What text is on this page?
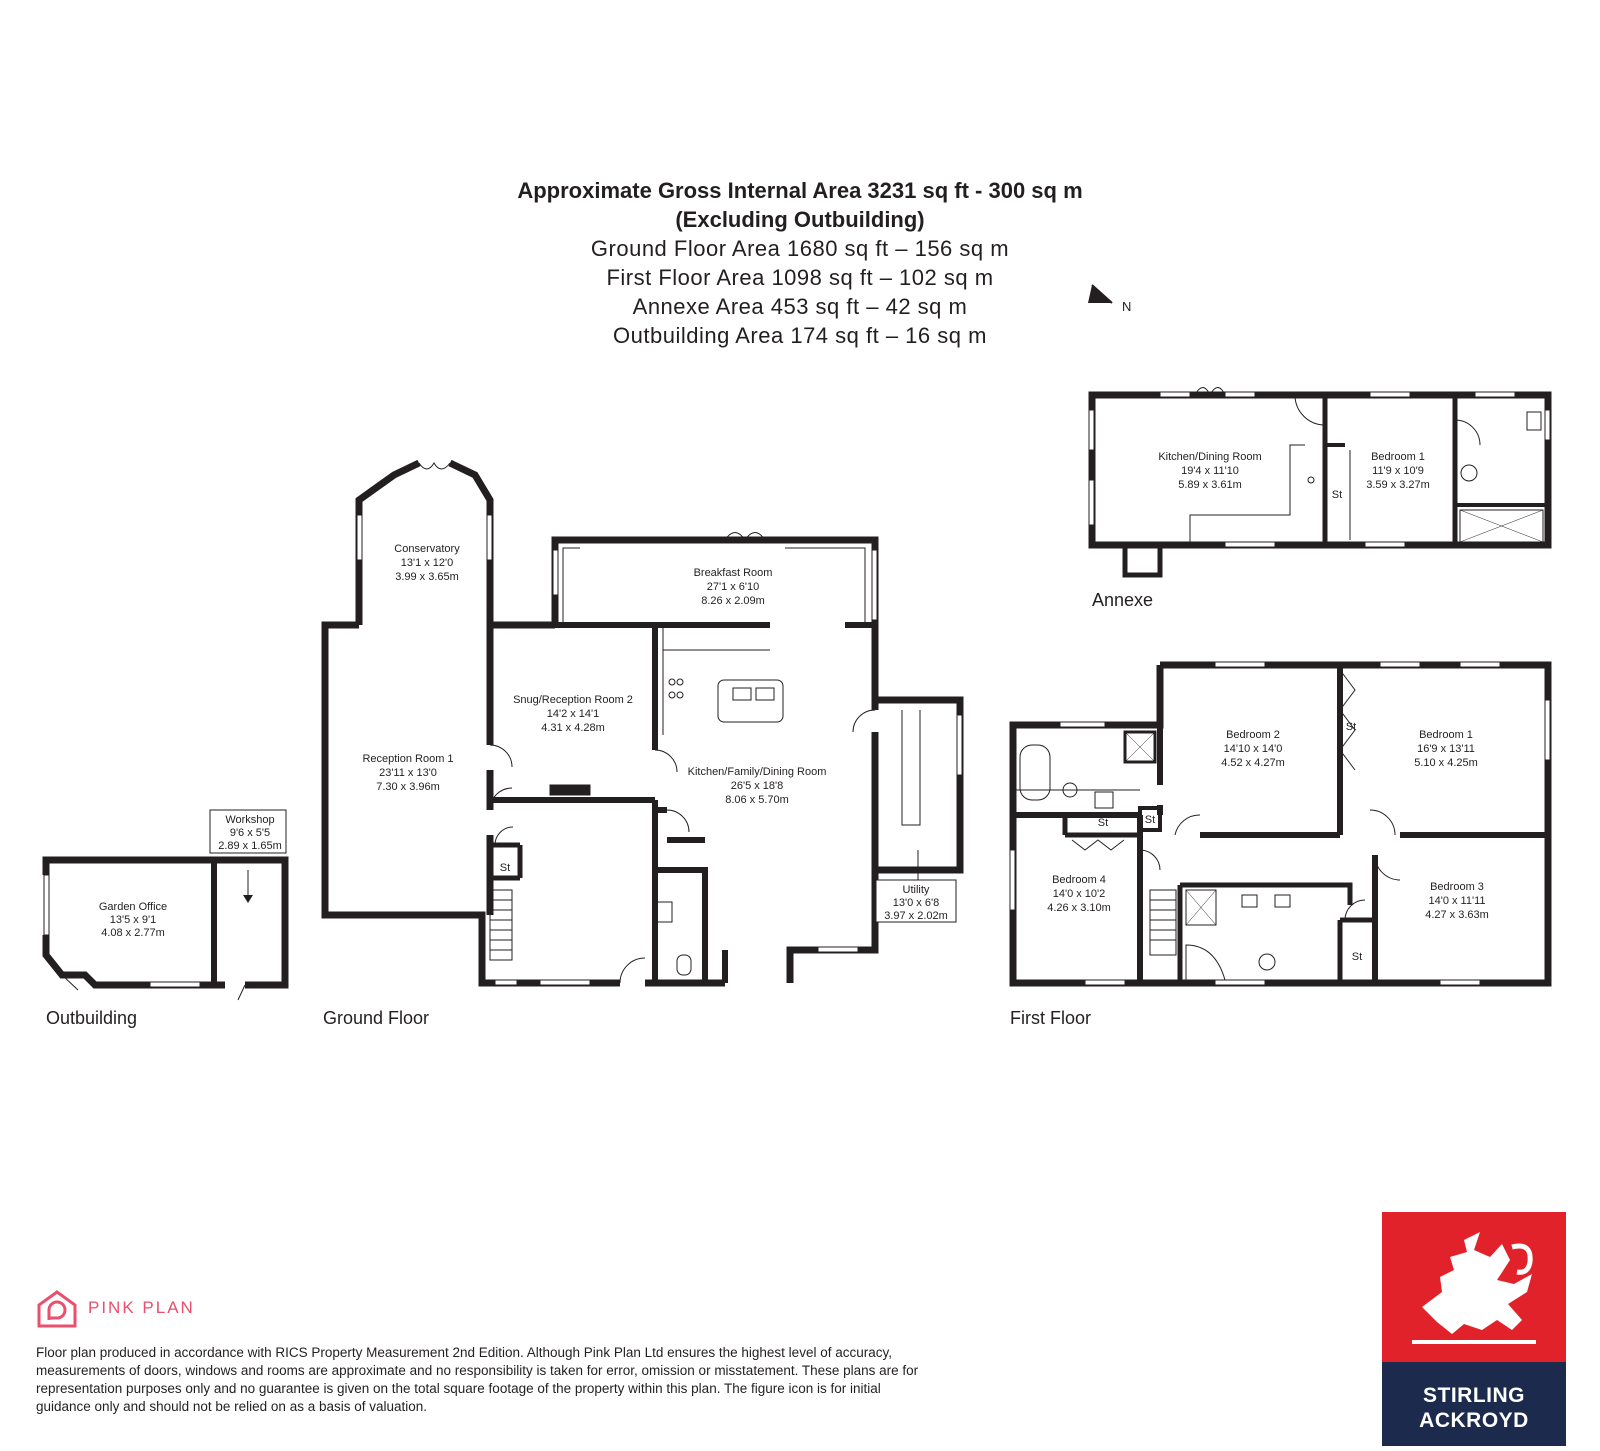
Approximate Gross Internal Area 3231 sq ft - 300 sq m
(Excluding Outbuilding)
Ground Floor Area 1680 sq ft – 156 sq m
First Floor Area 1098 sq ft – 102 sq m
Annexe Area 453 sq ft – 42 sq m
Outbuilding Area 174 sq ft – 16 sq m
N
Workshop
9'6 x 5'5
2.89 x 1.65m
Garden Office
13'5 x 9'1
4.08 x 2.77m
Conservatory
13'1 x 12'0
3.99 x 3.65m
Reception Room 1
23'11 x 13'0
7.30 x 3.96m
Snug/Reception Room 2
14'2 x 14'1
4.31 x 4.28m
Breakfast Room
27'1 x 6'10
8.26 x 2.09m
Kitchen/Family/Dining Room
26'5 x 18'8
8.06 x 5.70m
Utility
13'0 x 6'8
3.97 x 2.02m
St
Kitchen/Dining Room
19'4 x 11'10
5.89 x 3.61m
Bedroom 1
11'9 x 10'9
3.59 x 3.27m
St
Bedroom 2
14'10 x 14'0
4.52 x 4.27m
Bedroom 1
16'9 x 13'11
5.10 x 4.25m
Bedroom 3
14'0 x 11'11
4.27 x 3.63m
Bedroom 4
14'0 x 10'2
4.26 x 3.10m
St
St	St
St
Outbuilding	Ground Floor	First Floor
Annexe
PINK PLAN
Floor plan produced in accordance with RICS Property Measurement 2nd Edition. Although Pink Plan Ltd ensures the highest level of accuracy, measurements of doors, windows and rooms are approximate and no responsibility is taken for error, omission or misstatement. These plans are for representation purposes only and no guarantee is given on the total square footage of the property within this plan. The figure icon is for initial guidance only and should not be relied on as a basis of valuation.	STIRLING
ACKROYD
